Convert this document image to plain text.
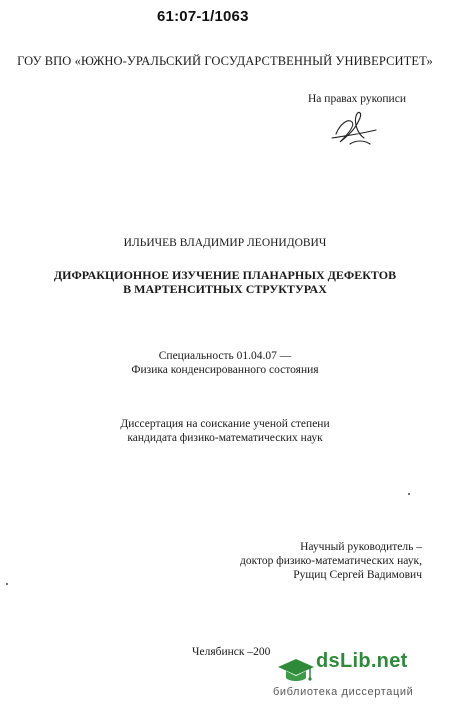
61:07-1/1063
ГОУ ВПО «ЮЖНО-УРАЛЬСКИЙ ГОСУДАРСТВЕННЫЙ УНИВЕРСИТЕТ»
На правах рукописи
ИЛЬИЧЕВ ВЛАДИМИР ЛЕОНИДОВИЧ
ДИФРАКЦИОННОЕ ИЗУЧЕНИЕ ПЛАНАРНЫХ ДЕФЕКТОВ
В МАРТЕНСИТНЫХ СТРУКТУРАХ
Специальность 01.04.07 —
Физика конденсированного состояния
Диссертация на соискание ученой степени
кандидата физико-математических наук
Научный руководитель –
доктор физико-математических наук,
Рущиц Сергей Вадимович
Челябинск –200 dsLib.net
библиотека диссертаций
